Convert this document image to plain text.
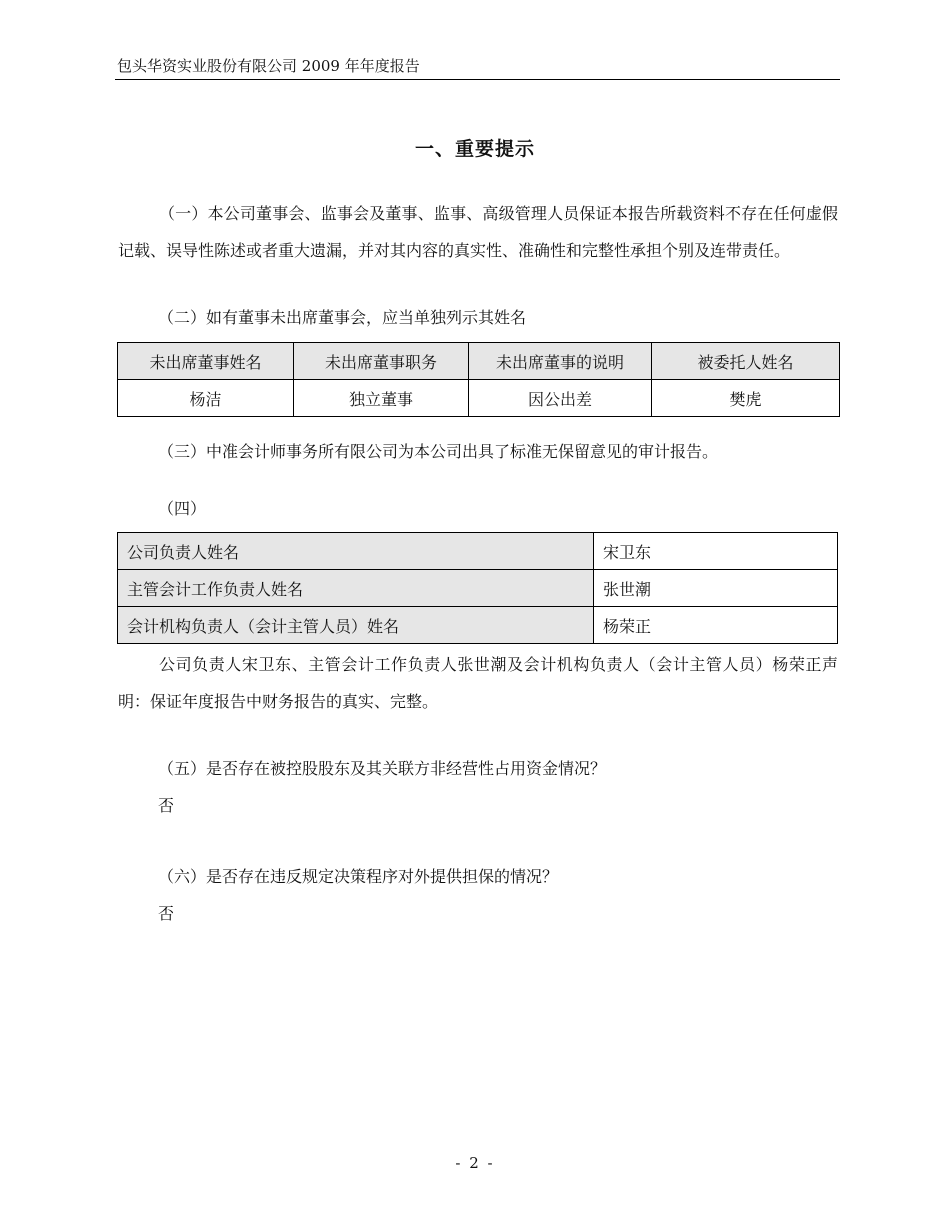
包头华资实业股份有限公司 2009 年年度报告
一、重要提示

（一）本公司董事会、监事会及董事、监事、高级管理人员保证本报告所载资料不存在任何虚假记载、误导性陈述或者重大遗漏，并对其内容的真实性、准确性和完整性承担个别及连带责任。

（二）如有董事未出席董事会，应当单独列示其姓名
未出席董事姓名	未出席董事职务	未出席董事的说明	被委托人姓名
杨洁	独立董事	因公出差	樊虎
（三）中准会计师事务所有限公司为本公司出具了标准无保留意见的审计报告。
（四）
公司负责人姓名	宋卫东
主管会计工作负责人姓名	张世潮
会计机构负责人（会计主管人员）姓名	杨荣正

公司负责人宋卫东、主管会计工作负责人张世潮及会计机构负责人（会计主管人员）杨荣正声明：保证年度报告中财务报告的真实、完整。

（五）是否存在被控股股东及其关联方非经营性占用资金情况？
否
（六）是否存在违反规定决策程序对外提供担保的情况？
否
- 2 -
